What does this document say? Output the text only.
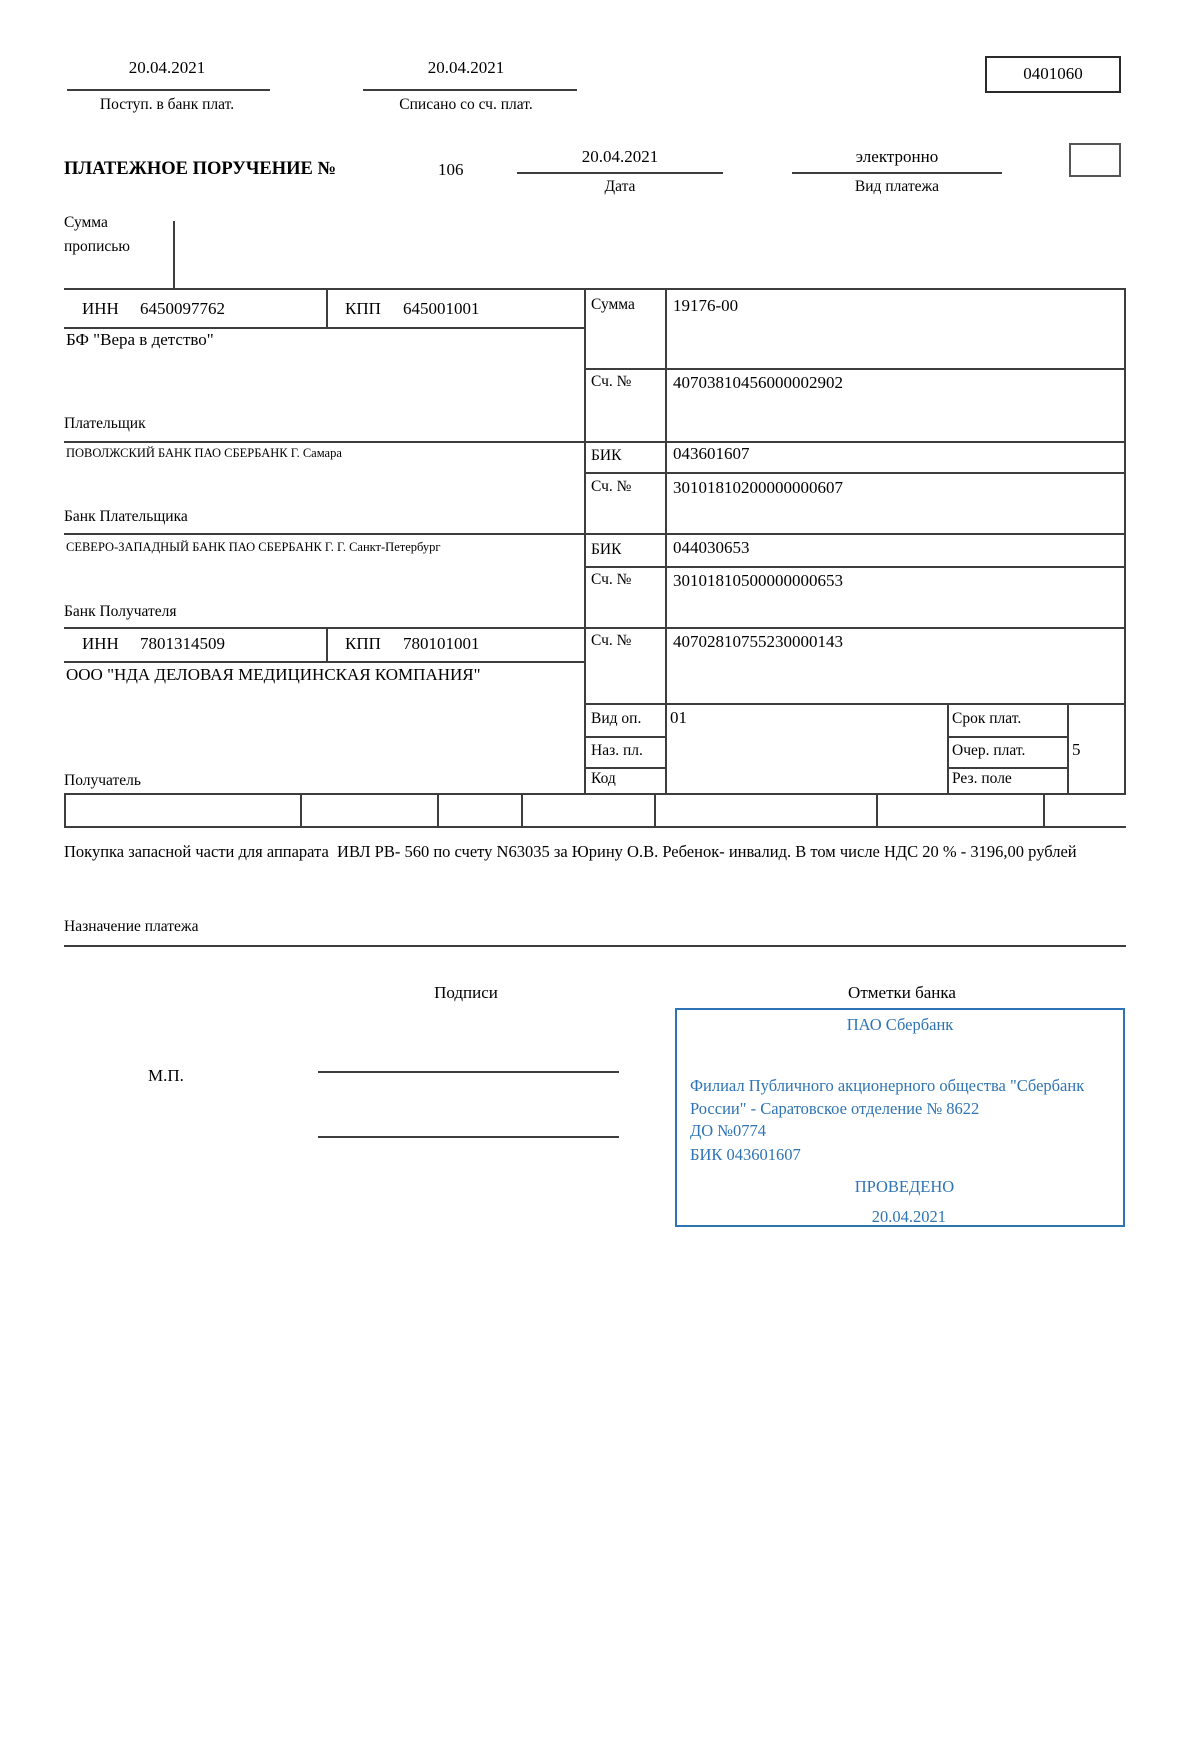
20.04.2021
Поступ. в банк плат.
20.04.2021
Списано со сч. плат.
0401060
ПЛАТЕЖНОЕ ПОРУЧЕНИЕ №	106
20.04.2021
Дата
электронно
Вид платежа
Сумма
прописью
ИНН 6450097762	КПП 645001001
БФ "Вера в детство"
Плательщик
Сумма 19176-00
Сч. № 40703810456000002902
ПОВОЛЖСКИЙ БАНК ПАО СБЕРБАНК Г. Самара
Банк Плательщика
БИК	043601607
Сч. № 30101810200000000607
СЕВЕРО-ЗАПАДНЫЙ БАНК ПАО СБЕРБАНК Г. Г. Санкт-Петербург
Банк Получателя
БИК	044030653
Сч. № 30101810500000000653
ИНН 7801314509	КПП 780101001
ООО "НДА ДЕЛОВАЯ МЕДИЦИНСКАЯ КОМПАНИЯ"
Получатель
Сч. № 40702810755230000143
Вид оп. 01	Срок плат.
Наз. пл.	Очер. плат.	5
Код	Рез. поле
Покупка запасной части для аппарата  ИВЛ РВ- 560 по счету N63035 за Юрину О.В. Ребенок- инвалид. В том числе НДС 20 % - 3196,00 рублей
Назначение платежа
Подписи	Отметки банка
М.П.
ПАО Сбербанк
Филиал Публичного акционерного общества "Сбербанк России" - Саратовское отделение № 8622
ДО №0774
БИК 043601607
ПРОВЕДЕНО
20.04.2021
